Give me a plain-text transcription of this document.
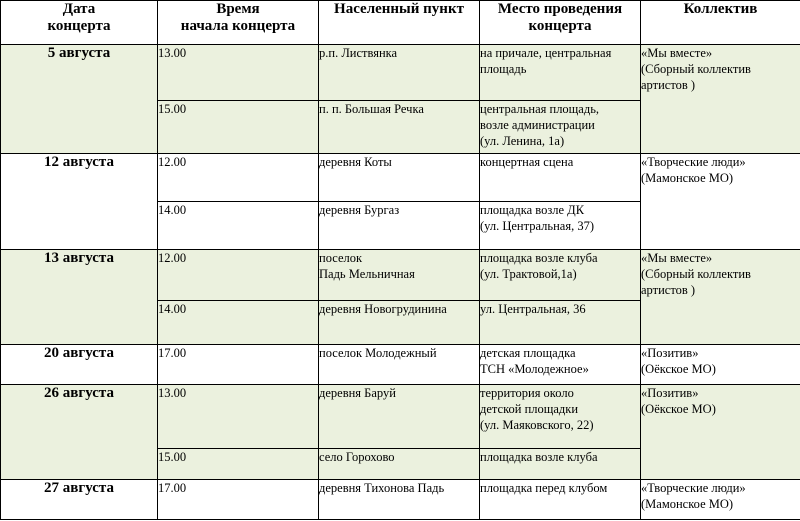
Дата
концерта	Время
начала концерта	Населенный пункт	Место проведения
концерта	Коллектив

5 августа	13.00	р.п. Листвянка	на причале, центральная
площадь	«Мы вместе»
(Сборный коллектив
артистов )

	15.00	п. п. Большая Речка	центральная площадь,
возле администрации
(ул. Ленина, 1а)	

12 августа	12.00	деревня Коты	концертная сцена	«Творческие люди»
(Мамонское МО)

	14.00	деревня Бургаз	площадка возле ДК
(ул. Центральная, 37)	

13 августа	12.00	поселок
Падь Мельничная	площадка возле клуба
(ул. Трактовой,1а)	«Мы вместе»
(Сборный коллектив
артистов )

	14.00	деревня Новогрудинина	ул. Центральная, 36	

20 августа	17.00	поселок Молодежный	детская площадка
ТСН «Молодежное»	«Позитив»
(Оёкское МО)

26 августа	13.00	деревня Баруй	территория около
детской площадки
(ул. Маяковского, 22)	«Позитив»
(Оёкское МО)

	15.00	село Горохово	площадка возле клуба	

27 августа	17.00	деревня Тихонова Падь	площадка перед клубом	«Творческие люди»
(Мамонское МО)
